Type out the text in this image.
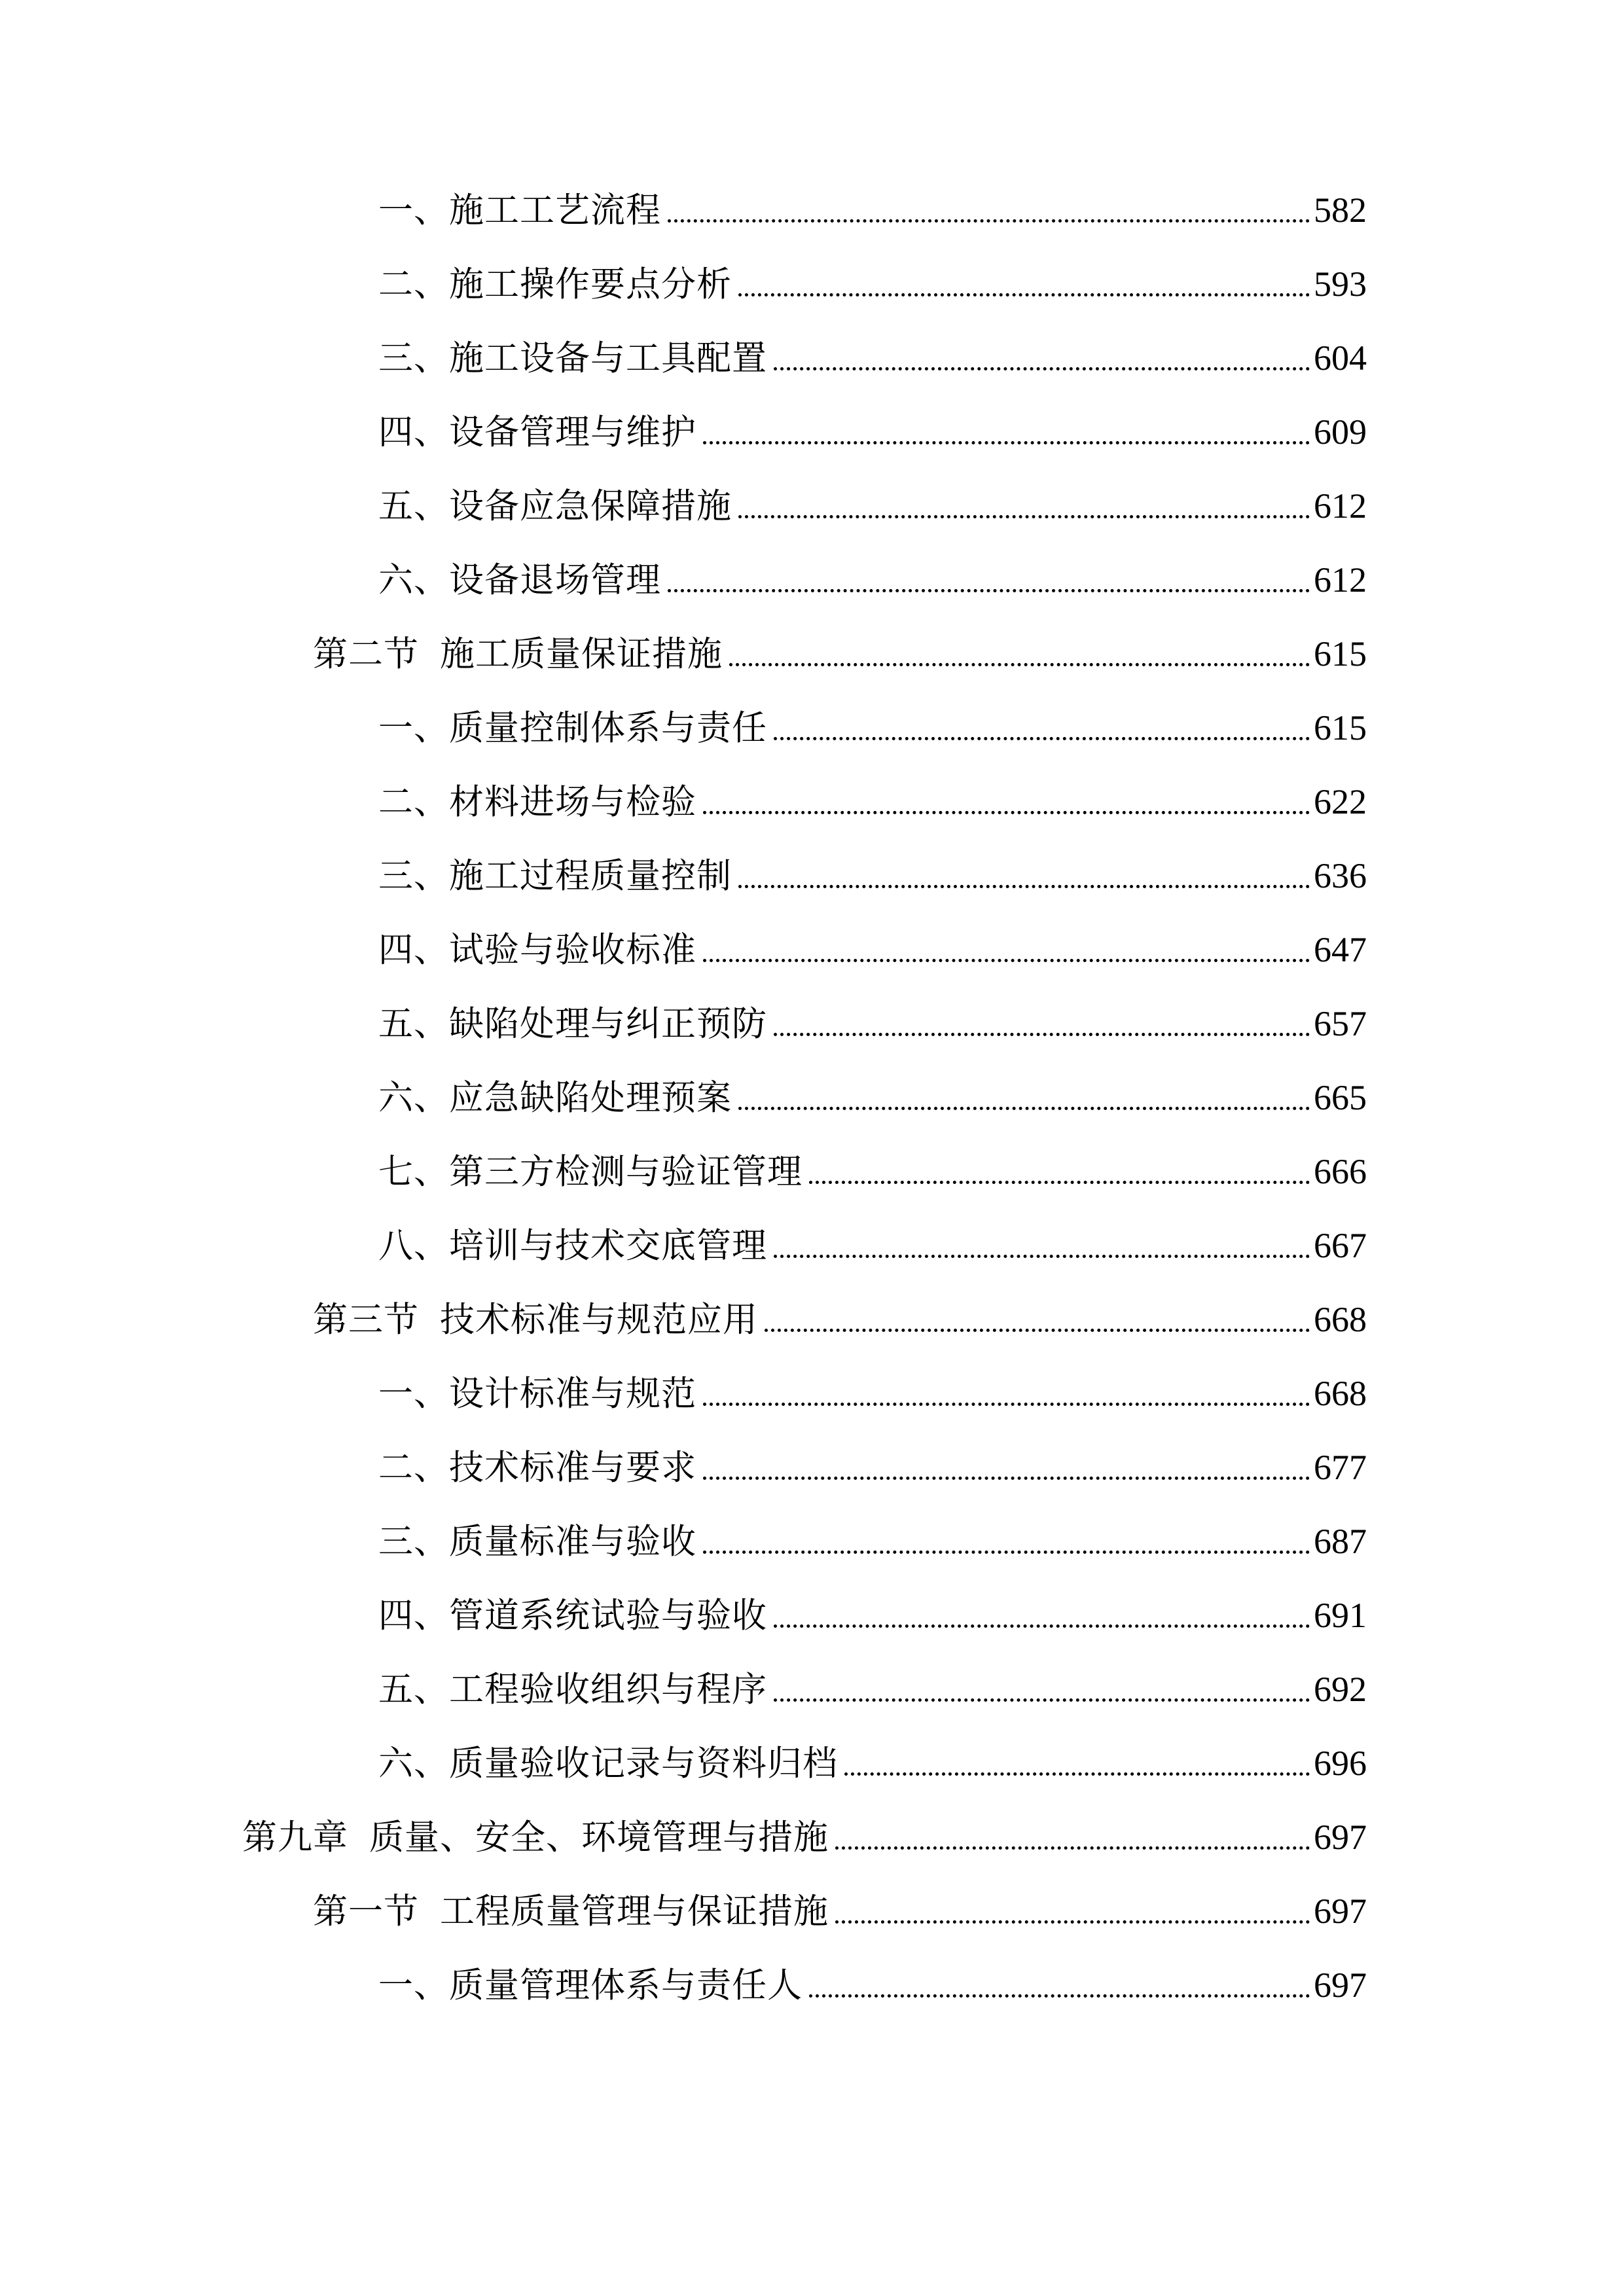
一、施工工艺流程	582
二、施工操作要点分析	593
三、施工设备与工具配置	604
四、设备管理与维护	609
五、设备应急保障措施	612
六、设备退场管理	612
第二节 施工质量保证措施	615
一、质量控制体系与责任	615
二、材料进场与检验	622
三、施工过程质量控制	636
四、试验与验收标准	647
五、缺陷处理与纠正预防	657
六、应急缺陷处理预案	665
七、第三方检测与验证管理	666
八、培训与技术交底管理	667
第三节 技术标准与规范应用	668
一、设计标准与规范	668
二、技术标准与要求	677
三、质量标准与验收	687
四、管道系统试验与验收	691
五、工程验收组织与程序	692
六、质量验收记录与资料归档	696
第九章 质量、安全、环境管理与措施	697
第一节 工程质量管理与保证措施	697
一、质量管理体系与责任人	697
